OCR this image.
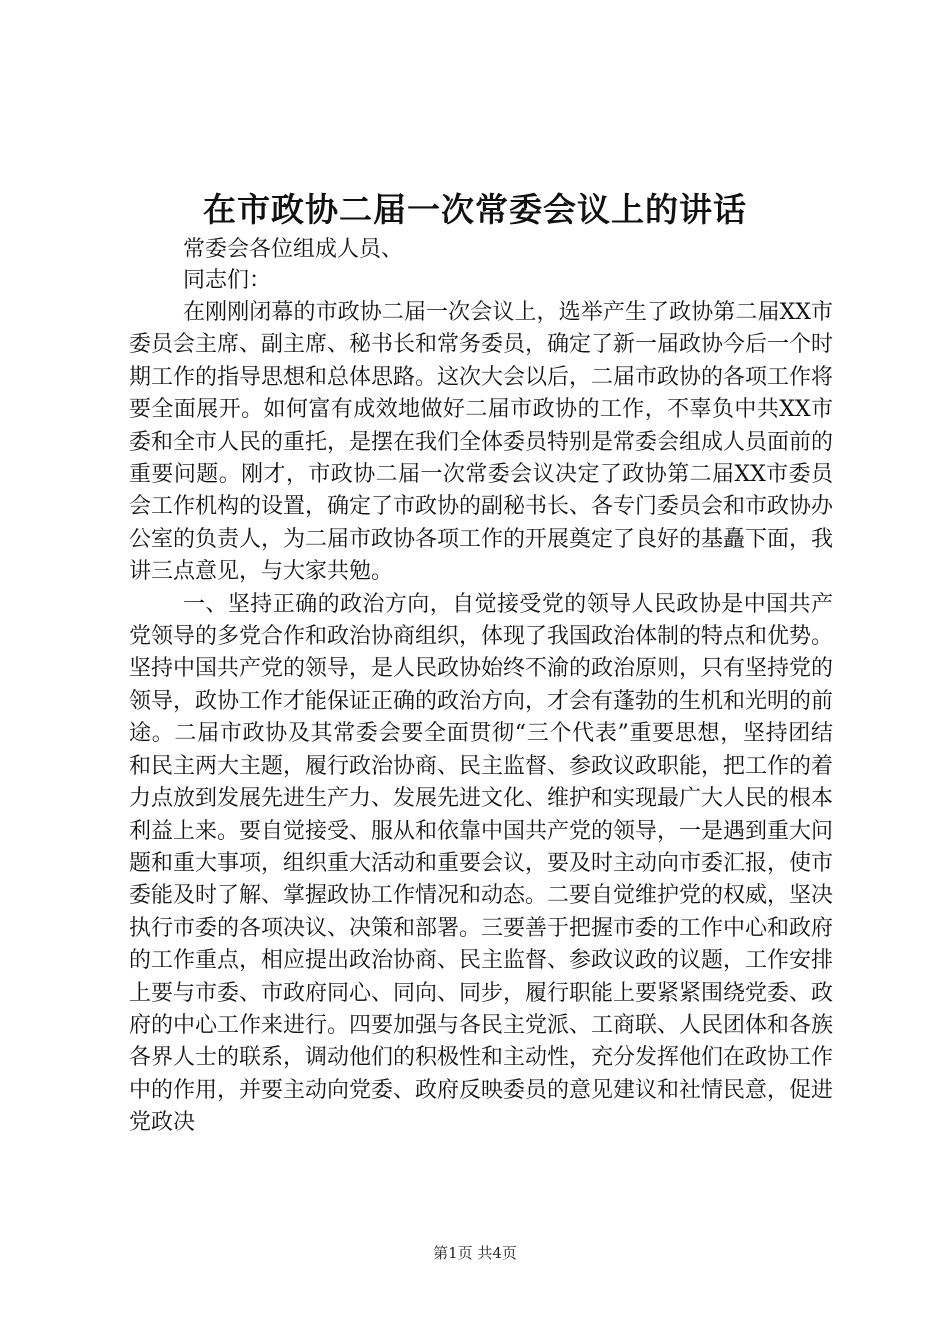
在市政协二届一次常委会议上的讲话
常委会各位组成人员、
同志们：

在刚刚闭幕的市政协二届一次会议上，选举产生了政协第二届XX市委员会主席、副主席、秘书长和常务委员，确定了新一届政协今后一个时期工作的指导思想和总体思路。这次大会以后，二届市政协的各项工作将要全面展开。如何富有成效地做好二届市政协的工作，不辜负中共XX市委和全市人民的重托，是摆在我们全体委员特别是常委会组成人员面前的重要问题。刚才，市政协二届一次常委会议决定了政协第二届XX市委员会工作机构的设置，确定了市政协的副秘书长、各专门委员会和市政协办公室的负责人，为二届市政协各项工作的开展奠定了良好的基矗下面，我讲三点意见，与大家共勉。

一、坚持正确的政治方向，自觉接受党的领导人民政协是中国共产党领导的多党合作和政治协商组织，体现了我国政治体制的特点和优势。坚持中国共产党的领导，是人民政协始终不渝的政治原则，只有坚持党的领导，政协工作才能保证正确的政治方向，才会有蓬勃的生机和光明的前途。二届市政协及其常委会要全面贯彻“三个代表”重要思想，坚持团结和民主两大主题，履行政治协商、民主监督、参政议政职能，把工作的着力点放到发展先进生产力、发展先进文化、维护和实现最广大人民的根本利益上来。要自觉接受、服从和依靠中国共产党的领导，一是遇到重大问题和重大事项，组织重大活动和重要会议，要及时主动向市委汇报，使市委能及时了解、掌握政协工作情况和动态。二要自觉维护党的权威，坚决执行市委的各项决议、决策和部署。三要善于把握市委的工作中心和政府的工作重点，相应提出政治协商、民主监督、参政议政的议题，工作安排上要与市委、市政府同心、同向、同步，履行职能上要紧紧围绕党委、政府的中心工作来进行。四要加强与各民主党派、工商联、人民团体和各族各界人士的联系，调动他们的积极性和主动性，充分发挥他们在政协工作中的作用，并要主动向党委、政府反映委员的意见建议和社情民意，促进党政决

第1页 共4页
